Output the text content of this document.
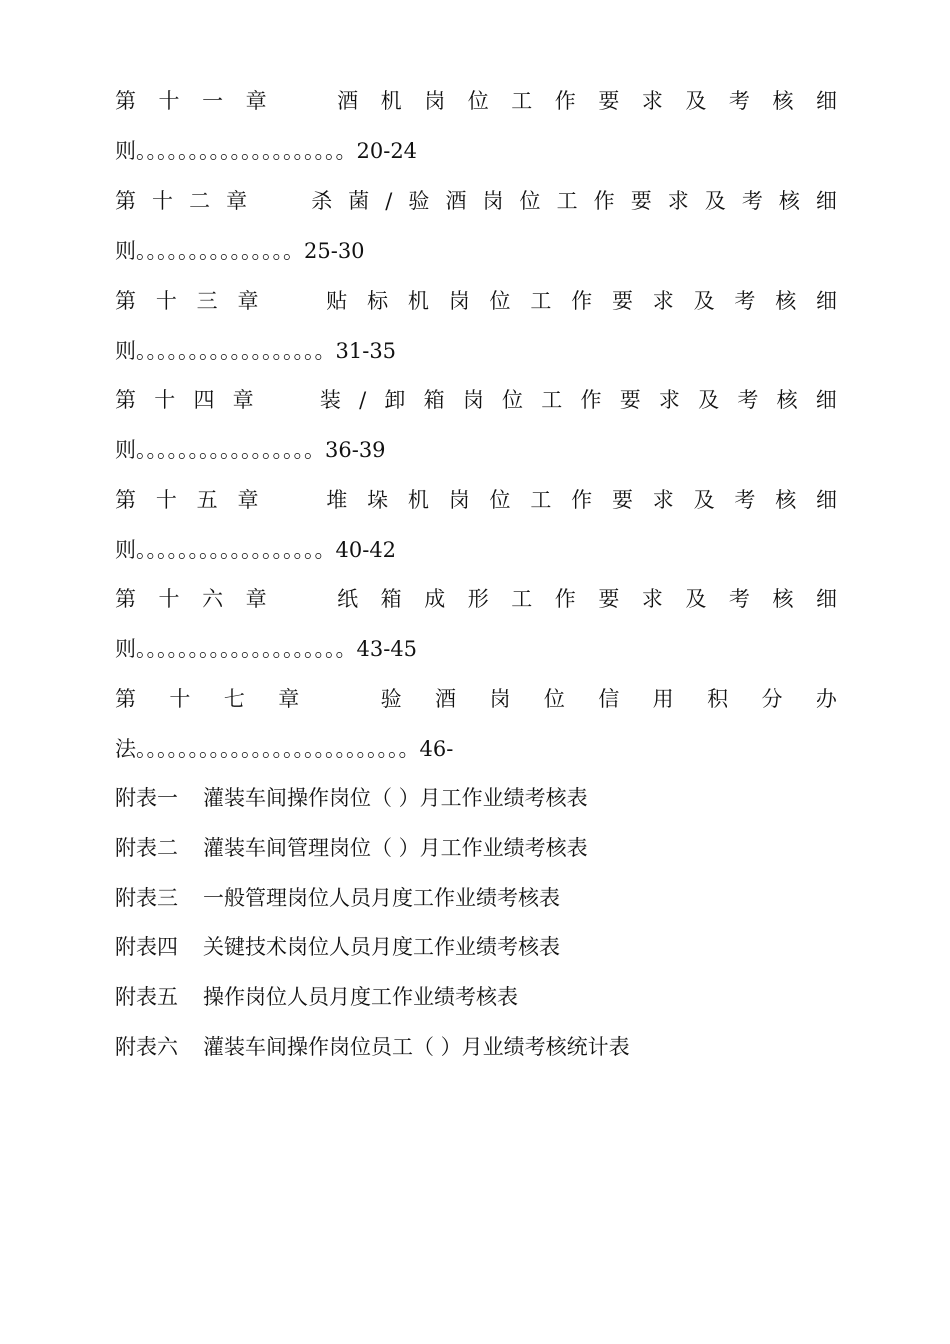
第 十 一 章	酒 机 岗 位 工 作 要 求 及 考 核 细
则。。。。。。。。。。。。。。。。。。。。20-24
第 十 二 章	杀 菌 / 验 酒 岗 位 工 作 要 求 及 考 核 细
则。。。。。。。。。。。。。。。25-30
第 十 三 章	贴 标 机 岗 位 工 作 要 求 及 考 核 细
则。。。。。。。。。。。。。。。。。。31-35
第 十 四 章	装 / 卸 箱 岗 位 工 作 要 求 及 考 核 细
则。。。。。。。。。。。。。。。。。36-39
第 十 五 章	堆 垛 机 岗 位 工 作 要 求 及 考 核 细
则。。。。。。。。。。。。。。。。。。40-42
第 十 六 章	纸 箱 成 形 工 作 要 求 及 考 核 细
则。。。。。。。。。。。。。。。。。。。。43-45
第 十 七 章	验 酒 岗 位 信 用 积 分 办
法。。。。。。。。。。。。。。。。。。。。。。。。。。46-
附表一 灌装车间操作岗位（ ）月工作业绩考核表
附表二 灌装车间管理岗位（ ）月工作业绩考核表
附表三 一般管理岗位人员月度工作业绩考核表
附表四 关键技术岗位人员月度工作业绩考核表
附表五 操作岗位人员月度工作业绩考核表
附表六 灌装车间操作岗位员工（ ）月业绩考核统计表
